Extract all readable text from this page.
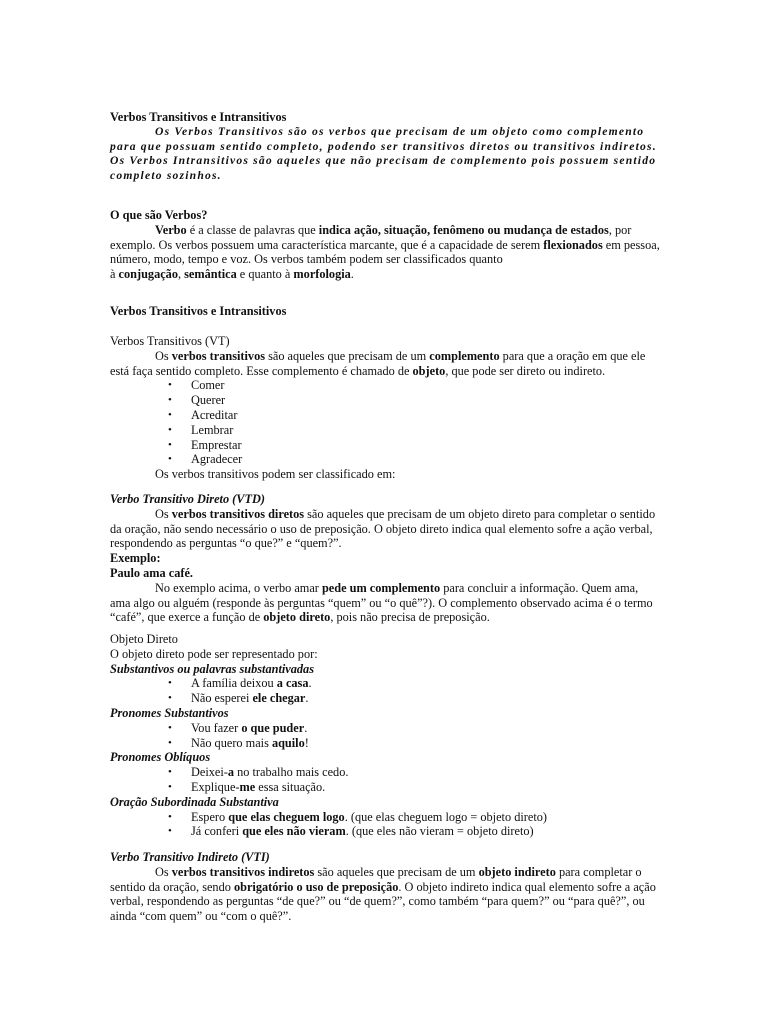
Verbos Transitivos e Intransitivos

Os Verbos Transitivos são os verbos que precisam de um objeto como complemento para que possuam sentido completo, podendo ser transitivos diretos ou transitivos indiretos. Os Verbos Intransitivos são aqueles que não precisam de complemento pois possuem sentido completo sozinhos.

O que são Verbos?

Verbo é a classe de palavras que indica ação, situação, fenômeno ou mudança de estados, por exemplo. Os verbos possuem uma característica marcante, que é a capacidade de serem flexionados em pessoa, número, modo, tempo e voz. Os verbos também podem ser classificados quanto

à conjugação, semântica e quanto à morfologia.

Verbos Transitivos e Intransitivos

Verbos Transitivos (VT)

Os verbos transitivos são aqueles que precisam de um complemento para que a oração em que ele está faça sentido completo. Esse complemento é chamado de objeto, que pode ser direto ou indireto.

• Comer
• Querer
• Acreditar
• Lembrar
• Emprestar
• Agradecer

Os verbos transitivos podem ser classificado em:

Verbo Transitivo Direto (VTD)

Os verbos transitivos diretos são aqueles que precisam de um objeto direto para completar o sentido da oração, não sendo necessário o uso de preposição. O objeto direto indica qual elemento sofre a ação verbal, respondendo as perguntas “o que?” e “quem?”.

Exemplo:

Paulo ama café.

No exemplo acima, o verbo amar pede um complemento para concluir a informação. Quem ama, ama algo ou alguém (responde às perguntas “quem” ou “o quê”?). O complemento observado acima é o termo “café”, que exerce a função de objeto direto, pois não precisa de preposição.

Objeto Direto

O objeto direto pode ser representado por:

Substantivos ou palavras substantivadas

• A família deixou a casa.
• Não esperei ele chegar.

Pronomes Substantivos

• Vou fazer o que puder.
• Não quero mais aquilo!

Pronomes Oblíquos

• Deixei-a no trabalho mais cedo.
• Explique-me essa situação.

Oração Subordinada Substantiva

• Espero que elas cheguem logo. (que elas cheguem logo = objeto direto)
• Já conferi que eles não vieram. (que eles não vieram = objeto direto)

Verbo Transitivo Indireto (VTI)

Os verbos transitivos indiretos são aqueles que precisam de um objeto indireto para completar o sentido da oração, sendo obrigatório o uso de preposição. O objeto indireto indica qual elemento sofre a ação verbal, respondendo as perguntas “de que?” ou “de quem?”, como também “para quem?” ou “para quê?”, ou ainda “com quem” ou “com o quê?”.
